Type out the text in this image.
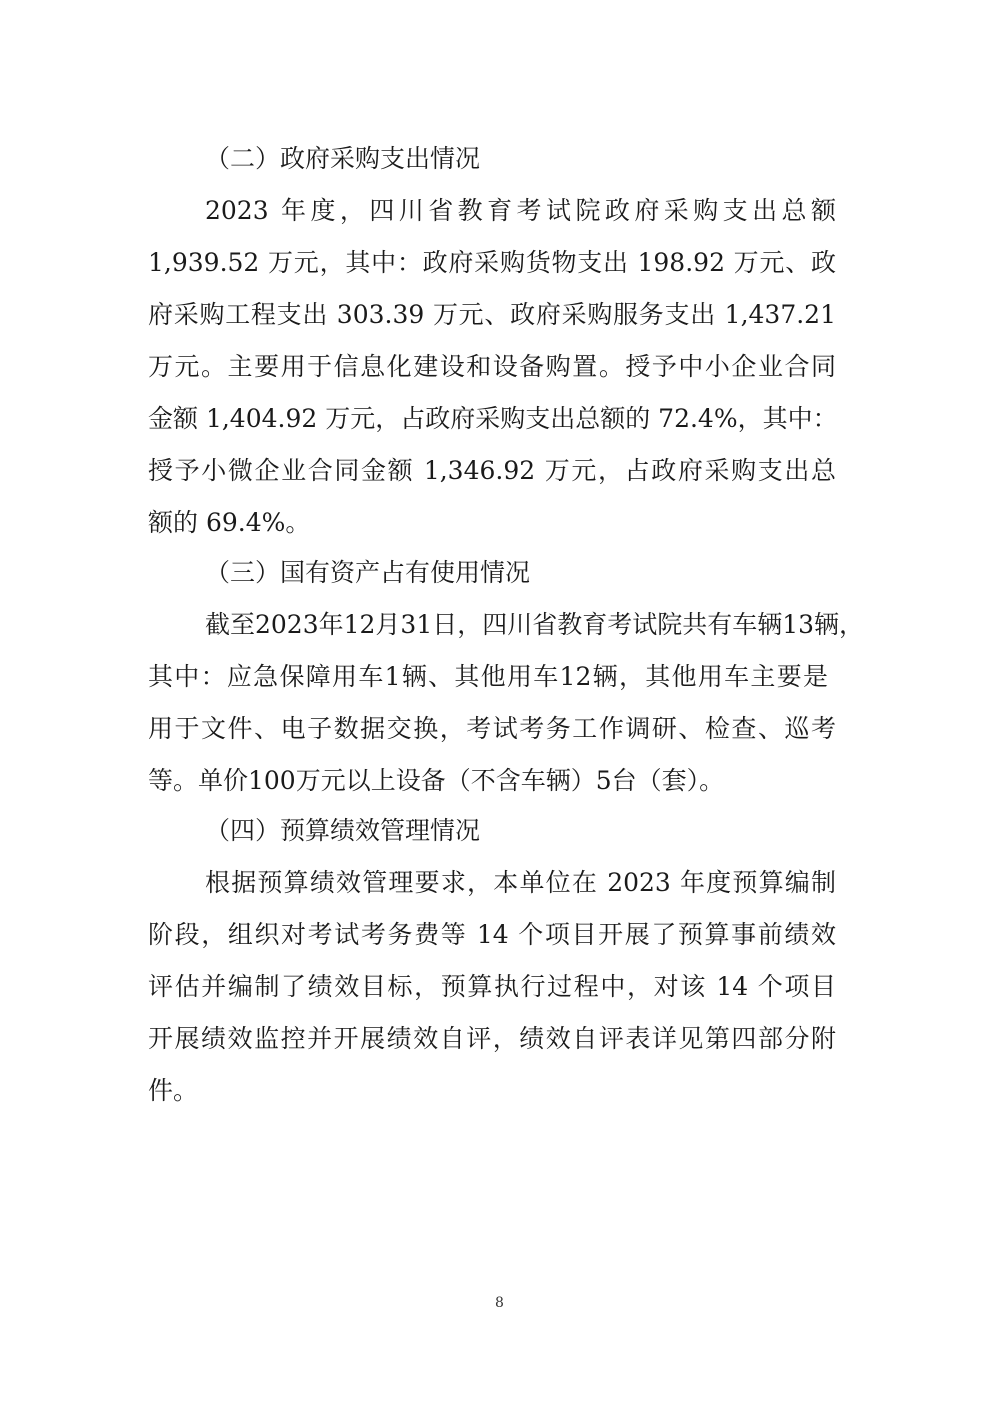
（二）政府采购支出情况
2023 年度，四川省教育考试院政府采购支出总额
1,939.52 万元，其中：政府采购货物支出 198.92 万元、政
府采购工程支出 303.39 万元、政府采购服务支出 1,437.21
万元。主要用于信息化建设和设备购置。授予中小企业合同
金额 1,404.92 万元，占政府采购支出总额的 72.4%，其中：
授予小微企业合同金额 1,346.92 万元，占政府采购支出总
额的 69.4%。
（三）国有资产占有使用情况
截至2023年12月31日，四川省教育考试院共有车辆13辆，
其中：应急保障用车1辆、其他用车12辆，其他用车主要是
用于文件、电子数据交换，考试考务工作调研、检查、巡考
等。单价100万元以上设备（不含车辆）5台（套）。
（四）预算绩效管理情况
根据预算绩效管理要求，本单位在 2023 年度预算编制
阶段，组织对考试考务费等 14 个项目开展了预算事前绩效
评估并编制了绩效目标，预算执行过程中，对该 14 个项目
开展绩效监控并开展绩效自评，绩效自评表详见第四部分附
件。
8
